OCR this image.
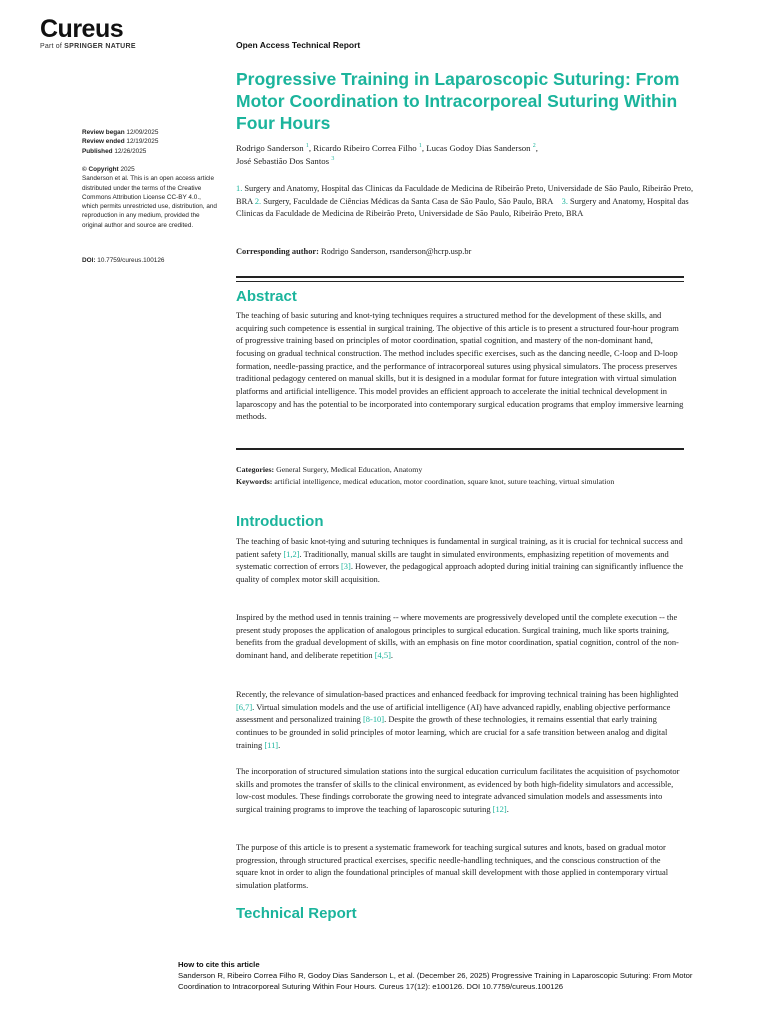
Cureus
Part of SPRINGER NATURE	Open Access Technical Report
Progressive Training in Laparoscopic Suturing: From Motor Coordination to Intracorporeal Suturing Within Four Hours
Rodrigo Sanderson $^1$, Ricardo Ribeiro Correa Filho $^1$, Lucas Godoy Dias Sanderson $^2$,
José Sebastião Dos Santos $^3$
1. Surgery and Anatomy, Hospital das Clinicas da Faculdade de Medicina de Ribeirão Preto, Universidade de São Paulo, Ribeirão Preto, BRA 2. Surgery, Faculdade de Ciências Médicas da Santa Casa de São Paulo, São Paulo, BRA 3. Surgery and Anatomy, Hospital das Clinicas da Faculdade de Medicina de Ribeirão Preto, Universidade de São Paulo, Ribeirão Preto, BRA
Corresponding author: Rodrigo Sanderson, rsanderson@hcrp.usp.br
Review began 12/09/2025
Review ended 12/19/2025
Published 12/26/2025
© Copyright 2025
Sanderson et al. This is an open access article distributed under the terms of the Creative Commons Attribution License CC-BY 4.0., which permits unrestricted use, distribution, and reproduction in any medium, provided the original author and source are credited.
DOI: 10.7759/cureus.100126
Abstract
The teaching of basic suturing and knot-tying techniques requires a structured method for the development of these skills, and acquiring such competence is essential in surgical training. The objective of this article is to present a structured four-hour program of progressive training based on principles of motor coordination, spatial cognition, and mastery of the non-dominant hand, focusing on gradual technical construction. The method includes specific exercises, such as the dancing needle, C-loop and D-loop formation, needle-passing practice, and the performance of intracorporeal sutures using physical simulators. The process preserves traditional pedagogy centered on manual skills, but it is designed in a modular format for future integration with virtual simulation platforms and artificial intelligence. This model provides an efficient approach to accelerate the initial technical development in laparoscopy and has the potential to be incorporated into contemporary surgical education programs that employ immersive learning methods.
Categories: General Surgery, Medical Education, Anatomy
Keywords: artificial intelligence, medical education, motor coordination, square knot, suture teaching, virtual simulation
Introduction
The teaching of basic knot-tying and suturing techniques is fundamental in surgical training, as it is crucial for technical success and patient safety [1,2]. Traditionally, manual skills are taught in simulated environments, emphasizing repetition of movements and systematic correction of errors [3]. However, the pedagogical approach adopted during initial training can significantly influence the quality of complex motor skill acquisition.
Inspired by the method used in tennis training -- where movements are progressively developed until the complete execution -- the present study proposes the application of analogous principles to surgical education. Surgical training, much like sports training, benefits from the gradual development of skills, with an emphasis on fine motor coordination, spatial cognition, control of the non-dominant hand, and deliberate repetition [4,5].
Recently, the relevance of simulation-based practices and enhanced feedback for improving technical training has been highlighted [6,7]. Virtual simulation models and the use of artificial intelligence (AI) have advanced rapidly, enabling objective performance assessment and personalized training [8-10]. Despite the growth of these technologies, it remains essential that early training continues to be grounded in solid principles of motor learning, which are crucial for a safe transition between analog and digital training [11].
The incorporation of structured simulation stations into the surgical education curriculum facilitates the acquisition of psychomotor skills and promotes the transfer of skills to the clinical environment, as evidenced by both high-fidelity simulators and accessible, low-cost modules. These findings corroborate the growing need to integrate advanced simulation models and assessments into surgical training programs to improve the teaching of laparoscopic suturing [12].
The purpose of this article is to present a systematic framework for teaching surgical sutures and knots, based on gradual motor progression, through structured practical exercises, specific needle-handling techniques, and the conscious construction of the square knot in order to align the foundational principles of manual skill development with those applied in contemporary virtual simulation platforms.
Technical Report
How to cite this article
Sanderson R, Ribeiro Correa Filho R, Godoy Dias Sanderson L, et al. (December 26, 2025) Progressive Training in Laparoscopic Suturing: From Motor Coordination to Intracorporeal Suturing Within Four Hours. Cureus 17(12): e100126. DOI 10.7759/cureus.100126
